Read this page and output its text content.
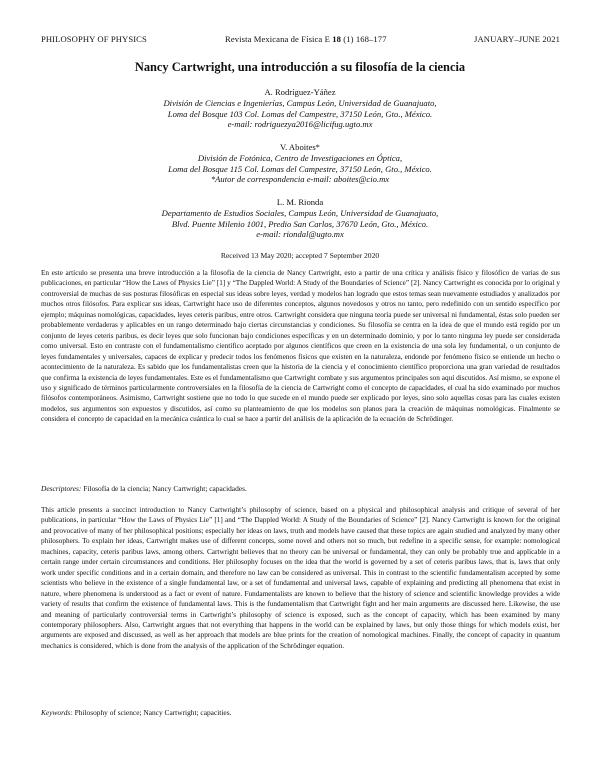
PHILOSOPHY OF PHYSICS	Revista Mexicana de Física E 18 (1) 168–177	JANUARY–JUNE 2021
Nancy Cartwright, una introducción a su filosofía de la ciencia
A. Rodríguez-Yáñez
División de Ciencias e Ingenierías, Campus León, Universidad de Guanajuato,
Loma del Bosque 103 Col. Lomas del Campestre, 37150 León, Gto., México.
e-mail: rodriguezya2016@licifug.ugto.mx
V. Aboites*
División de Fotónica, Centro de Investigaciones en Óptica,
Loma del Bosque 115 Col. Lomas del Campestre, 37150 León, Gto., México.
*Autor de correspondencia e-mail: aboites@cio.mx
L. M. Rionda
Departamento de Estudios Sociales, Campus León, Universidad de Guanajuato,
Blvd. Puente Milenio 1001, Predio San Carlos, 37670 León, Gto., México.
e-mail: riondal@ugto.mx
Received 13 May 2020; accepted 7 September 2020

En este artículo se presenta una breve introducción a la filosofía de la ciencia de Nancy Cartwright, esto a partir de una crítica y análisis físico y filosófico de varias de sus publicaciones, en particular “How the Laws of Physics Lie” [1] y “The Dappled World: A Study of the Boundaries of Science” [2]. Nancy Cartwright es conocida por lo original y controversial de muchas de sus posturas filosóficas en especial sus ideas sobre leyes, verdad y modelos han logrado que estos temas sean nuevamente estudiados y analizados por muchos otros filósofos. Para explicar sus ideas, Cartwright hace uso de diferentes conceptos, algunos novedosos y otros no tanto, pero redefinido con un sentido específico por ejemplo; máquinas nomológicas, capacidades, leyes ceteris paribus, entre otros. Cartwright considera que ninguna teoría puede ser universal ni fundamental, éstas solo pueden ser probablemente verdaderas y aplicables en un rango determinado bajo ciertas circunstancias y condiciones. Su filosofía se centra en la idea de que el mundo está regido por un conjunto de leyes ceteris paribus, es decir leyes que solo funcionan bajo condiciones específicas y en un determinado dominio, y por lo tanto ninguna ley puede ser considerada como universal. Esto en contraste con el fundamentalismo científico aceptado por algunos científicos que creen en la existencia de una sola ley fundamental, o un conjunto de leyes fundamentales y universales, capaces de explicar y predecir todos los fenómenos físicos que existen en la naturaleza, endonde por fenómeno físico se entiende un hecho o acontecimiento de la naturaleza. Es sabido que los fundamentalistas creen que la historia de la ciencia y el conocimiento científico proporciona una gran variedad de resultados que confirma la existencia de leyes fundamentales. Este es el fundamentalismo que Cartwright combate y sus argumentos principales son aquí discutidos. Así mismo, se expone el uso y significado de términos particularmente controversiales en la filosofía de la ciencia de Cartwright como el concepto de capacidades, el cual ha sido examinado por muchos filósofos contemporáneos. Asimismo, Cartwright sostiene que no todo lo que sucede en el mundo puede ser explicado por leyes, sino solo aquellas cosas para las cuales existen modelos, sus argumentos son expuestos y discutidos, así como su planteamiento de que los modelos son planos para la creación de máquinas nomológicas. Finalmente se considera el concepto de capacidad en la mecánica cuántica lo cual se hace a partir del análisis de la aplicación de la ecuación de Schrödinger.

Descriptores: Filosofía de la ciencia; Nancy Cartwright; capacidades.

This article presents a succinct introduction to Nancy Cartwright’s philosophy of science, based on a physical and philosophical analysis and critique of several of her publications, in particular “How the Laws of Physics Lie” [1] and “The Dappled World: A Study of the Boundaries of Science” [2]. Nancy Cartwright is known for the original and provocative of many of her philosophical positions; especially her ideas on laws, truth and models have caused that these topics are again studied and analyzed by many other philosophers. To explain her ideas, Cartwright makes use of different concepts, some novel and others not so much, but redefine in a specific sense, for example: nomological machines, capacity, ceteris paribus laws, among others. Cartwright believes that no theory can be universal or fundamental, they can only be probably true and applicable in a certain range under certain circumstances and conditions. Her philosophy focuses on the idea that the world is governed by a set of ceteris paribus laws, that is, laws that only work under specific conditions and in a certain domain, and therefore no law can be considered as universal. This in contrast to the scientific fundamentalism accepted by some scientists who believe in the existence of a single fundamental law, or a set of fundamental and universal laws, capable of explaining and predicting all phenomena that exist in nature, where phenomena is understood as a fact or event of nature. Fundamentalists are known to believe that the history of science and scientific knowledge provides a wide variety of results that confirm the existence of fundamental laws. This is the fundamentalism that Cartwright fight and her main arguments are discussed here. Likewise, the use and meaning of particularly controversial terms in Cartwright’s philosophy of science is exposed, such as the concept of capacity, which has been examined by many contemporary philosophers. Also, Cartwright argues that not everything that happens in the world can be explained by laws, but only those things for which models exist, her arguments are exposed and discussed, as well as her approach that models are blue prints for the creation of nomological machines. Finally, the concept of capacity in quantum mechanics is considered, which is done from the analysis of the application of the Schrödinger equation.

Keywords: Philosophy of science; Nancy Cartwright; capacities.
